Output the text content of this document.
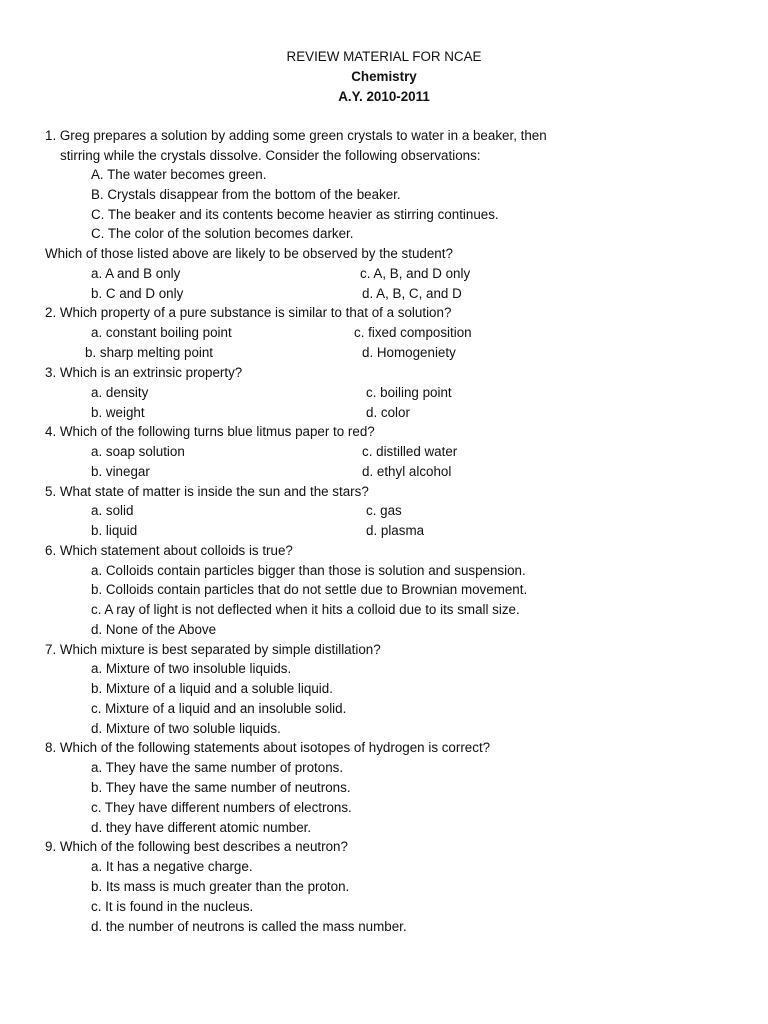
REVIEW MATERIAL FOR NCAE
Chemistry
A.Y. 2010-2011
1. Greg prepares a solution by adding some green crystals to water in a beaker, then
stirring while the crystals dissolve. Consider the following observations:
A. The water becomes green.
B. Crystals disappear from the bottom of the beaker.
C. The beaker and its contents become heavier as stirring continues.
C. The color of the solution becomes darker.
Which of those listed above are likely to be observed by the student?
a. A and B only	c. A, B, and D only
b. C and D only	d. A, B, C, and D
2. Which property of a pure substance is similar to that of a solution?
a. constant boiling point	c. fixed composition
b. sharp melting point	d. Homogeniety
3. Which is an extrinsic property?
a. density	c. boiling point
b. weight	d. color
4. Which of the following turns blue litmus paper to red?
a. soap solution	c. distilled water
b. vinegar	d. ethyl alcohol
5. What state of matter is inside the sun and the stars?
a. solid	c. gas
b. liquid	d. plasma
6. Which statement about colloids is true?
a. Colloids contain particles bigger than those is solution and suspension.
b. Colloids contain particles that do not settle due to Brownian movement.
c. A ray of light is not deflected when it hits a colloid due to its small size.
d. None of the Above
7. Which mixture is best separated by simple distillation?
a. Mixture of two insoluble liquids.
b. Mixture of a liquid and a soluble liquid.
c. Mixture of a liquid and an insoluble solid.
d. Mixture of two soluble liquids.
8. Which of the following statements about isotopes of hydrogen is correct?
a. They have the same number of protons.
b. They have the same number of neutrons.
c. They have different numbers of electrons.
d. they have different atomic number.
9. Which of the following best describes a neutron?
a. It has a negative charge.
b. Its mass is much greater than the proton.
c. It is found in the nucleus.
d. the number of neutrons is called the mass number.
